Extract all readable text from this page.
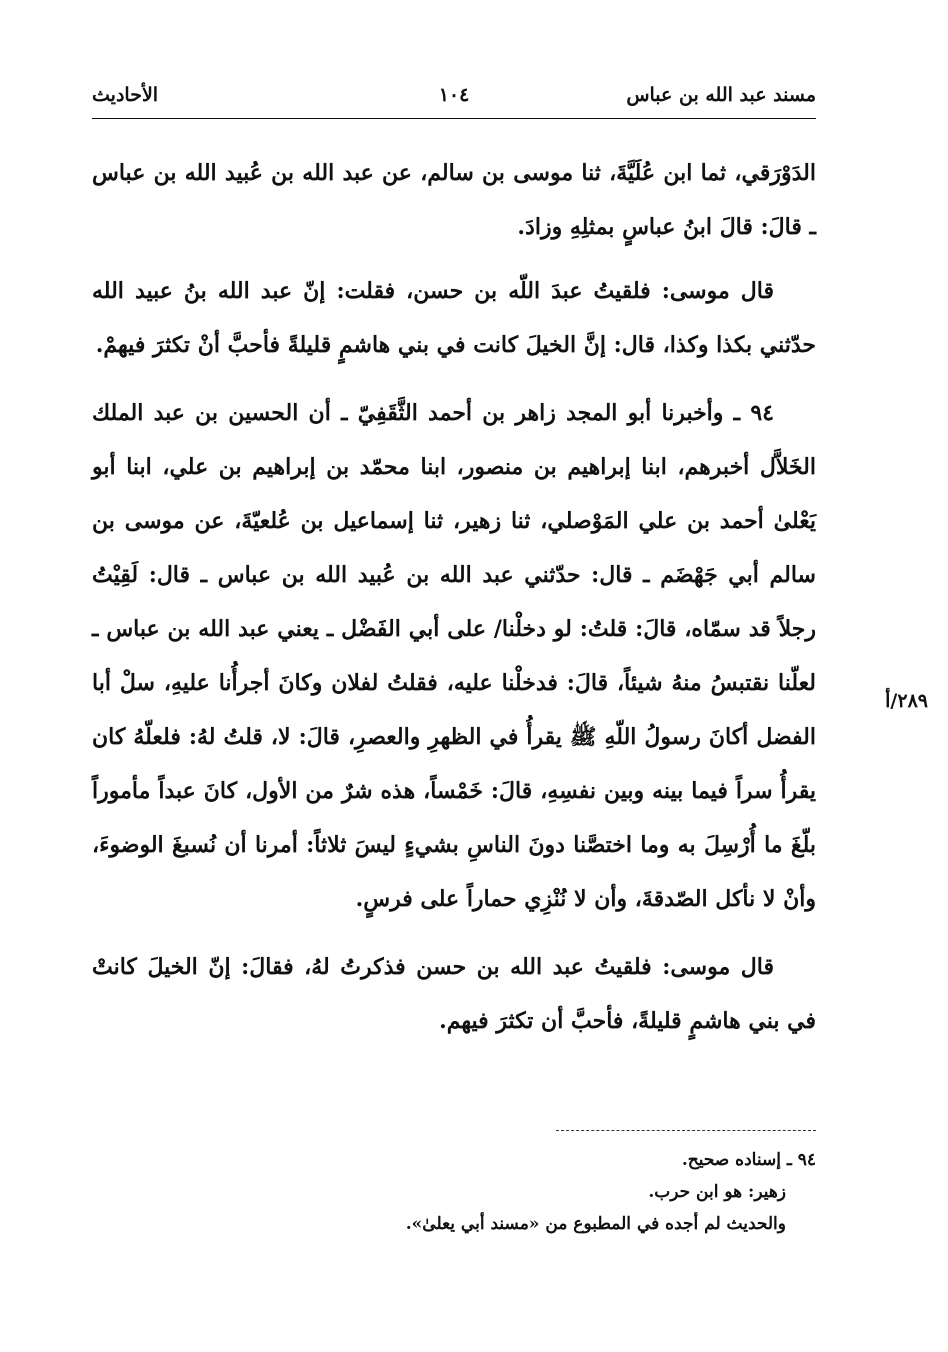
مسند عبد الله بن عباس
١٠٤
الأحاديث

الدَوْرَقي، ثما ابن عُلَيَّةَ، ثنا موسى بن سالم، عن عبد الله بن عُبيد الله بن عباس ـ قالَ: قالَ ابنُ عباسٍ بمثلِهِ وزادَ.

قال موسى: فلقيتُ عبدَ اللّه بن حسن، فقلت: إنّ عبد الله بنُ عبيد الله حدّثني بكذا وكذا، قال: إنَّ الخيلَ كانت في بني هاشمٍ قليلةً فأحبَّ أنْ تكثرَ فيهمْ.

٩٤ ـ وأخبرنا أبو المجد زاهر بن أحمد الثَّقَفِيّ ـ أن الحسين بن عبد الملك الخَلاَّل أخبرهم، ابنا إبراهيم بن منصور، ابنا محمّد بن إبراهيم بن علي، ابنا أبو يَعْلىٰ أحمد بن علي المَوْصلي، ثنا زهير، ثنا إسماعيل بن عُلعيّةَ، عن موسى بن سالم أبي جَهْضَم ـ قال: حدّثني عبد الله بن عُبيد الله بن عباس ـ قال: لَقِيْتُ رجلاً قد سمّاه، قالَ: قلتُ: لو دخلْنا/ على أبي الفَضْل ـ يعني عبد الله بن عباس ـ لعلّنا نقتبسُ منهُ شيئاً، قالَ: فدخلْنا عليه، فقلتُ لفلان وكانَ أجرأُنا عليهِ، سلْ أبا الفضل أكانَ رسولُ اللّهِ ﷺ يقرأُ في الظهرِ والعصرِ، قالَ: لا، قلتُ لهُ: فلعلّهُ كان يقرأُ سراً فيما بينه وبين نفسِهِ، قالَ: خَمْساً، هذه شرٌ من الأول، كانَ عبداً مأموراً بلّغَ ما أُرْسِلَ به وما اختصَّنا دونَ الناسِ بشيءٍ ليسَ ثلاثاً: أمرنا أن نُسبغَ الوضوءَ، وأنْ لا نأكل الصّدقةَ، وأن لا نُنْزِي حماراً على فرسٍ.

قال موسى: فلقيتُ عبد الله بن حسن فذكرتُ لهُ، فقالَ: إنّ الخيلَ كانتْ في بني هاشمٍ قليلةً، فأحبَّ أن تكثرَ فيهم.

٢٨٩/أ

٩٤ ـ إسناده صحيح.

زهير: هو ابن حرب.

والحديث لم أجده في المطبوع من «مسند أبي يعلىٰ».
